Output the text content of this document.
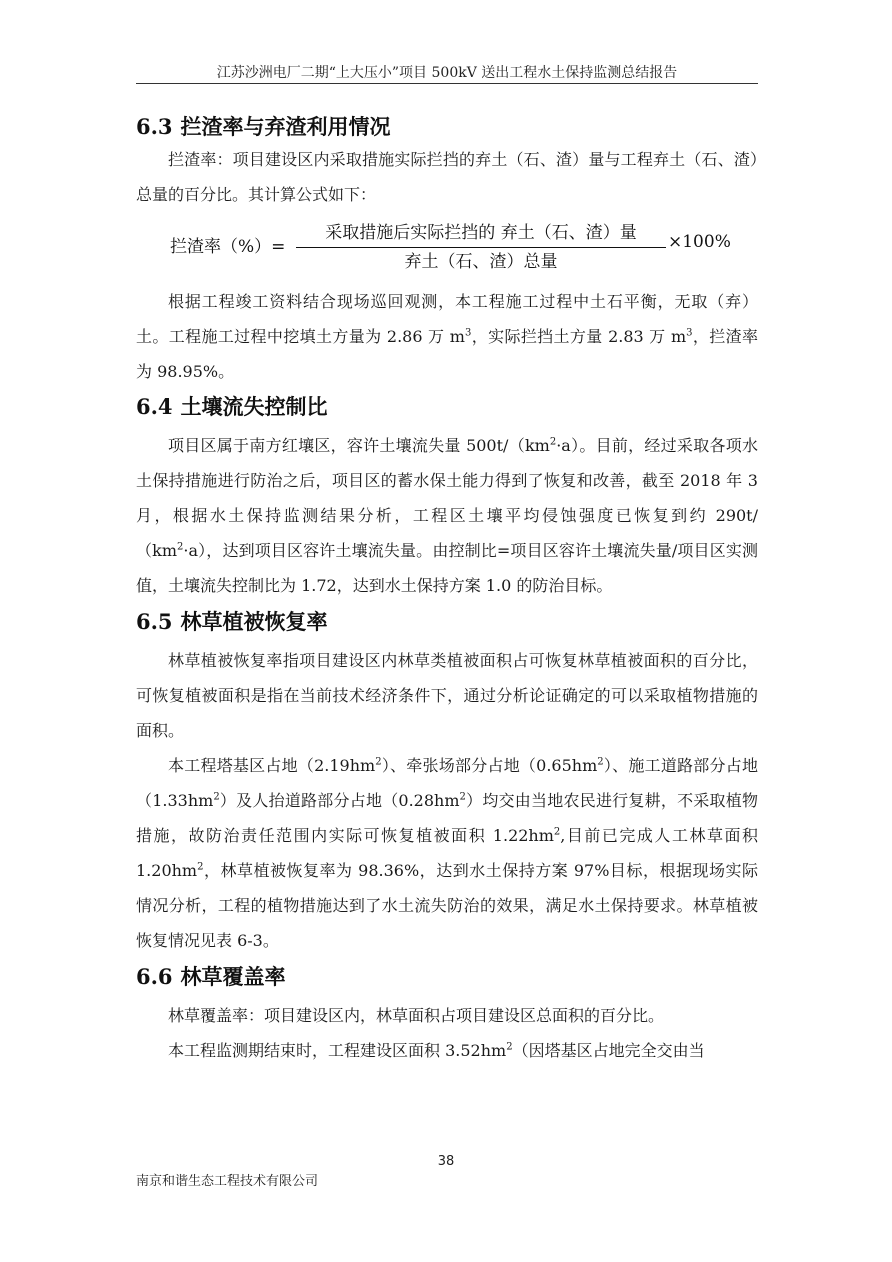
江苏沙洲电厂二期“上大压小”项目 500kV 送出工程水土保持监测总结报告
6.3 拦渣率与弃渣利用情况

拦渣率：项目建设区内采取措施实际拦挡的弃土（石、渣）量与工程弃土（石、渣）总量的百分比。其计算公式如下：

拦渣率（%）=
采取措施后实际拦挡的 弃土（石、渣）量
弃土（石、渣）总量
×100%

根据工程竣工资料结合现场巡回观测，本工程施工过程中土石平衡，无取（弃）土。工程施工过程中挖填土方量为 2.86 万 $m^3$，实际拦挡土方量 2.83 万 $m^3$，拦渣率为 98.95%。

6.4 土壤流失控制比

项目区属于南方红壤区，容许土壤流失量 $500t/(km^2\cdot a)$。目前，经过采取各项水土保持措施进行防治之后，项目区的蓄水保土能力得到了恢复和改善，截至 2018 年 3 月，根据水土保持监测结果分析，工程区土壤平均侵蚀强度已恢复到约 $290t/(km^2\cdot a)$，达到项目区容许土壤流失量。由控制比=项目区容许土壤流失量/项目区实测值，土壤流失控制比为 1.72，达到水土保持方案 1.0 的防治目标。

6.5 林草植被恢复率

林草植被恢复率指项目建设区内林草类植被面积占可恢复林草植被面积的百分比，可恢复植被面积是指在当前技术经济条件下，通过分析论证确定的可以采取植物措施的面积。

本工程塔基区占地$(2.19hm^2)$、牵张场部分占地$(0.65hm^2)$、施工道路部分占地$(1.33hm^2)$及人抬道路部分占地$(0.28hm^2)$均交由当地农民进行复耕，不采取植物措施，故防治责任范围内实际可恢复植被面积 $1.22hm^2$,目前已完成人工林草面积 $1.20hm^2$，林草植被恢复率为 98.36%，达到水土保持方案 97%目标，根据现场实际情况分析，工程的植物措施达到了水土流失防治的效果，满足水土保持要求。林草植被恢复情况见表 6-3。

6.6 林草覆盖率

林草覆盖率：项目建设区内，林草面积占项目建设区总面积的百分比。

本工程监测期结束时，工程建设区面积 $3.52hm^2$（因塔基区占地完全交由当

38
南京和谐生态工程技术有限公司
